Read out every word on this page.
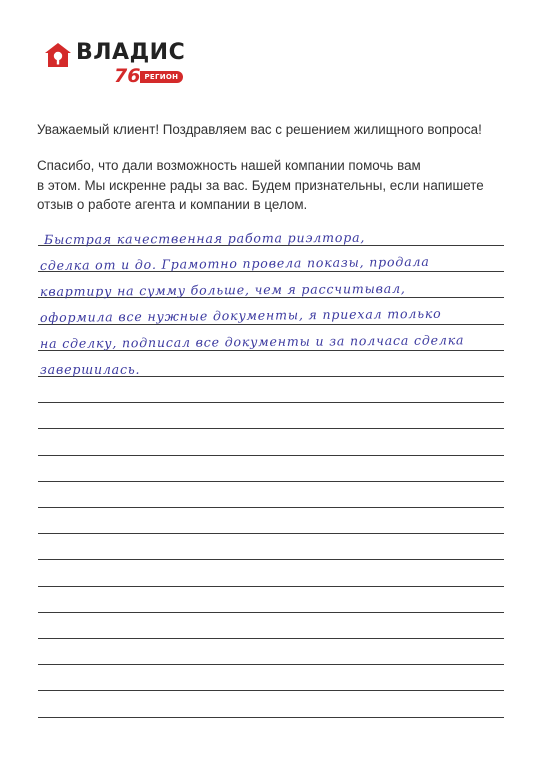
ВЛАДИС
76 РЕГИОН
Уважаемый клиент! Поздравляем вас с решением жилищного вопроса!
Спасибо, что дали возможность нашей компании помочь вам
в этом. Мы искренне рады за вас. Будем признательны, если напишете
отзыв о работе агента и компании в целом.
Быстрая качественная работа риэлтора,
сделка от и до. Грамотно провела показы, продала
квартиру на сумму больше, чем я рассчитывал,
оформила все нужные документы, я приехал только
на сделку, подписал все документы и за полчаса сделка
завершилась.
